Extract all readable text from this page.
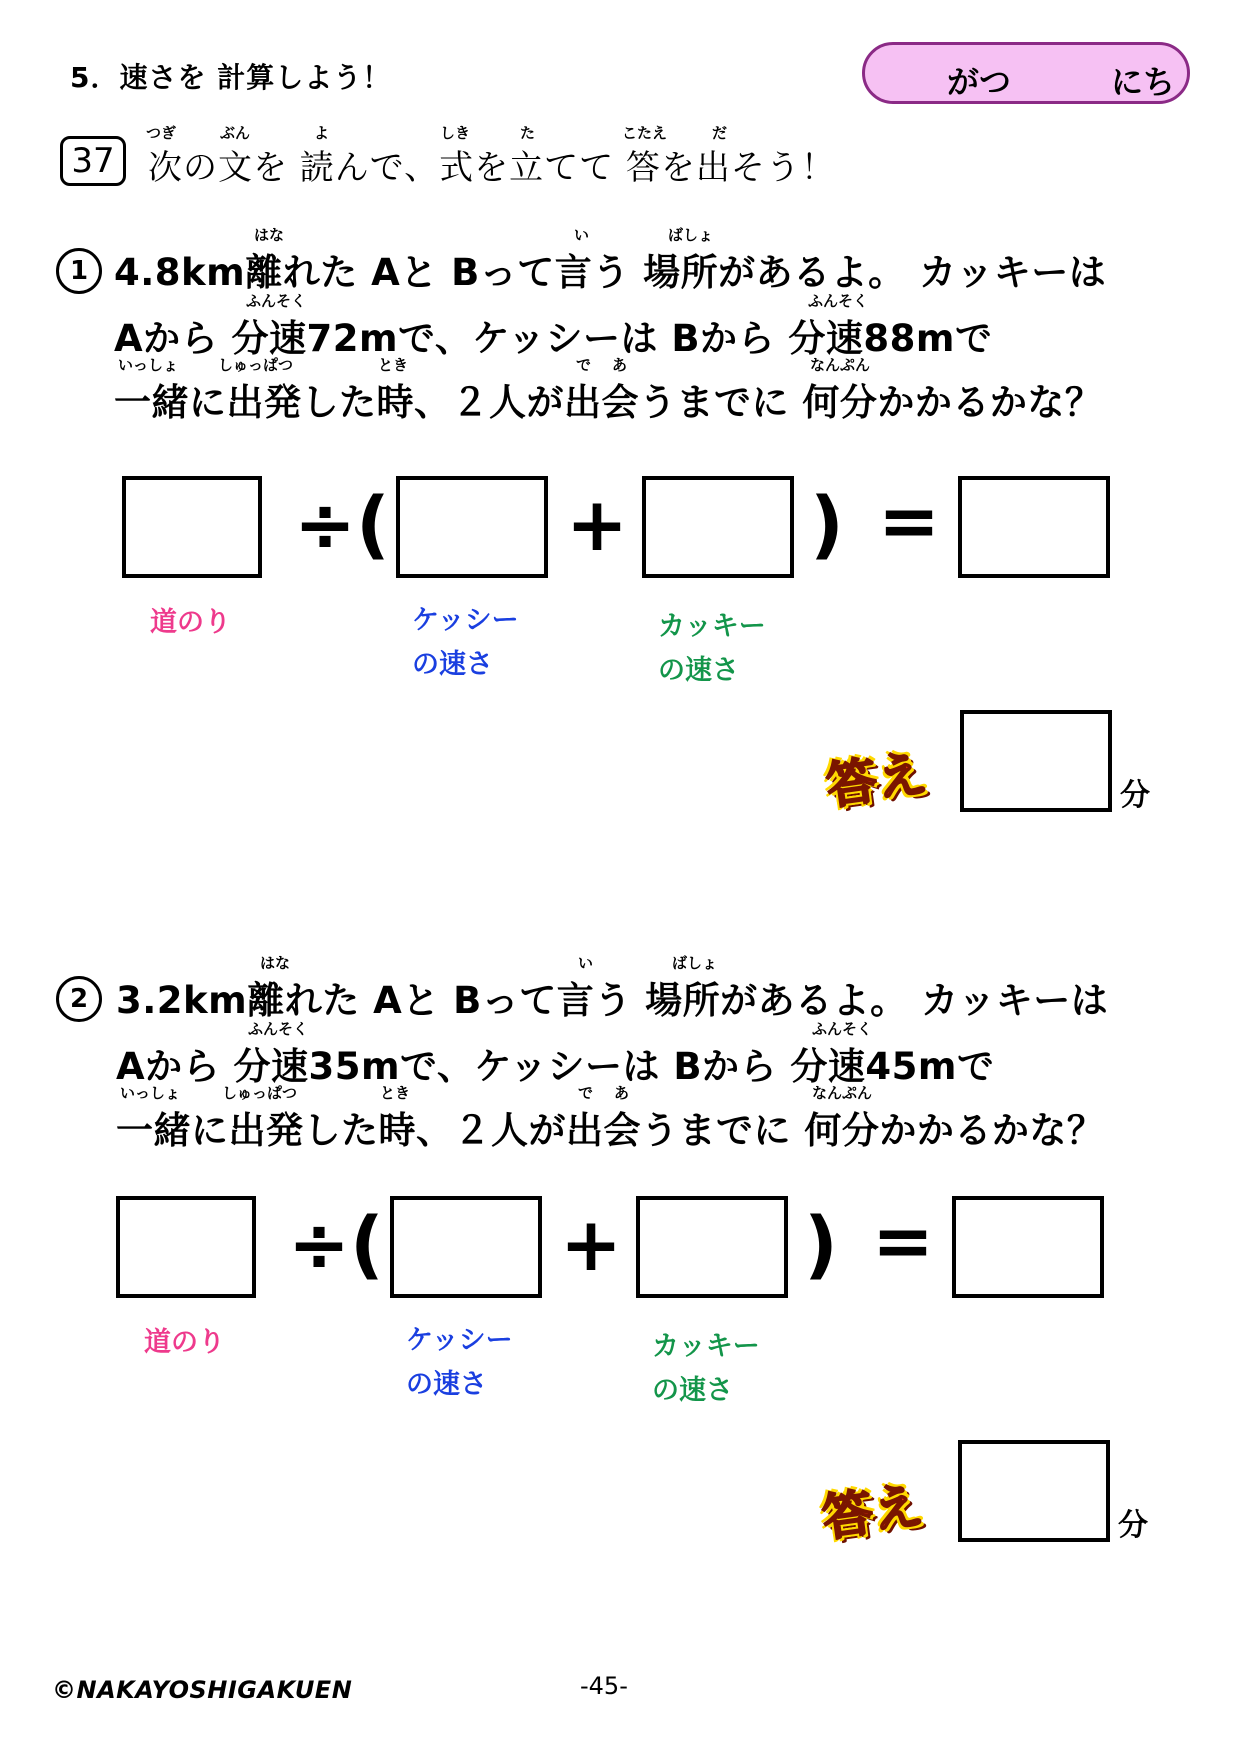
5．速さを 計算しよう！	がつ	にち
つぎ	ぶん	よ	しき	た	こたえ	だ
37 次の文を 読んで、式を立てて 答を出そう！
1
はな	い	ばしょ
4.8km離れた Aと Bって言う 場所があるよ。 カッキーは
ふんそく	ふんそく
Aから 分速72mで、ケッシーは Bから 分速88mで
いっしょ	しゅっぱつ	とき	で あ	なんぷん
一緒に出発した時、２人が出会うまでに 何分かかるかな？
÷( + ) =
道のり	ケッシー
の速さ
カッキー
の速さ
答え	分
2
はな	い	ばしょ
3.2km離れた Aと Bって言う 場所があるよ。 カッキーは
ふんそく	ふんそく
Aから 分速35mで、ケッシーは Bから 分速45mで
いっしょ	しゅっぱつ	とき	で あ	なんぷん
一緒に出発した時、２人が出会うまでに 何分かかるかな？
÷( + ) =
道のり	ケッシー
の速さ
カッキー
の速さ
答え	分
©NAKAYOSHIGAKUEN	-45-
